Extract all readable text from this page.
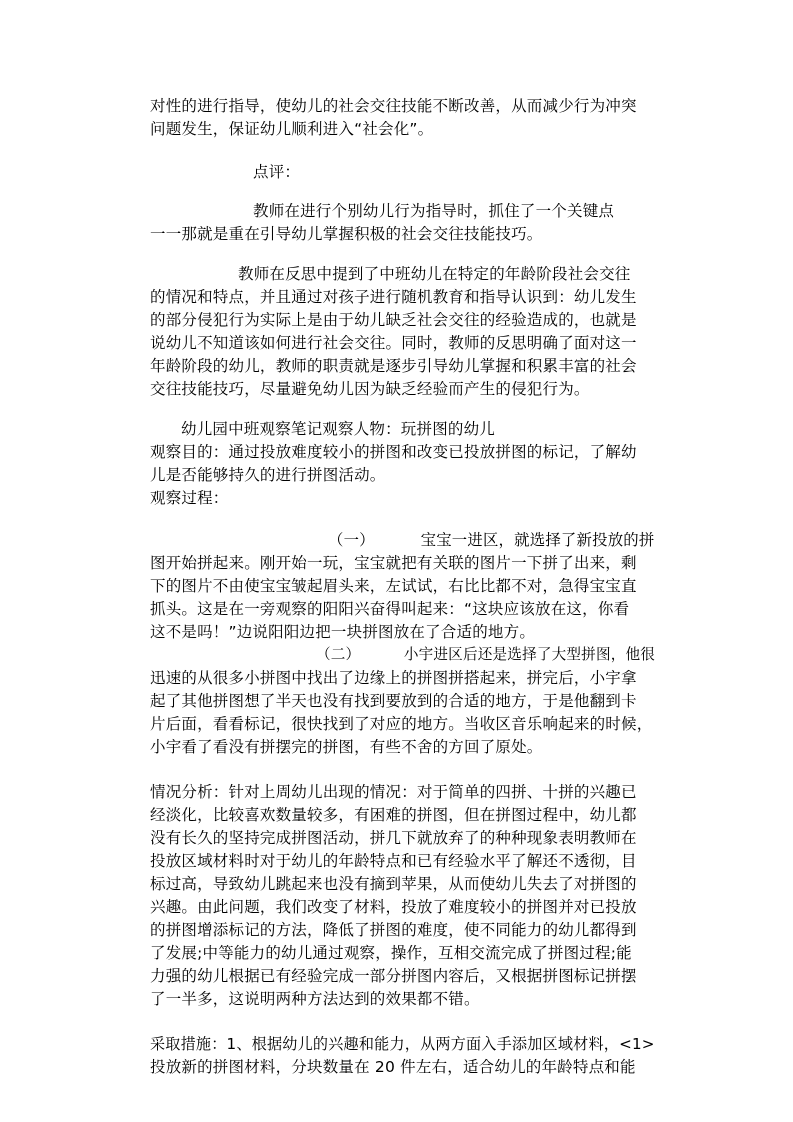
对性的进行指导，使幼儿的社会交往技能不断改善，从而减少行为冲突
问题发生，保证幼儿顺利进入“社会化”。
点评：
教师在进行个别幼儿行为指导时，抓住了一个关键点
一一那就是重在引导幼儿掌握积极的社会交往技能技巧。
教师在反思中提到了中班幼儿在特定的年龄阶段社会交往
的情况和特点，并且通过对孩子进行随机教育和指导认识到：幼儿发生
的部分侵犯行为实际上是由于幼儿缺乏社会交往的经验造成的，也就是
说幼儿不知道该如何进行社会交往。同时，教师的反思明确了面对这一
年龄阶段的幼儿，教师的职责就是逐步引导幼儿掌握和积累丰富的社会
交往技能技巧，尽量避免幼儿因为缺乏经验而产生的侵犯行为。
幼儿园中班观察笔记观察人物：玩拼图的幼儿
观察目的：通过投放难度较小的拼图和改变已投放拼图的标记，了解幼
儿是否能够持久的进行拼图活动。
观察过程：
（一）         宝宝一进区，就选择了新投放的拼
图开始拼起来。刚开始一玩，宝宝就把有关联的图片一下拼了出来，剩
下的图片不由使宝宝皱起眉头来，左试试，右比比都不对，急得宝宝直
抓头。这是在一旁观察的阳阳兴奋得叫起来：“这块应该放在这，你看
这不是吗！”边说阳阳边把一块拼图放在了合适的地方。
（二）         小宇进区后还是选择了大型拼图，他很
迅速的从很多小拼图中找出了边缘上的拼图拼搭起来，拼完后，小宇拿
起了其他拼图想了半天也没有找到要放到的合适的地方，于是他翻到卡
片后面，看看标记，很快找到了对应的地方。当收区音乐响起来的时候，
小宇看了看没有拼摆完的拼图，有些不舍的方回了原处。
情况分析：针对上周幼儿出现的情况：对于简单的四拼、十拼的兴趣已
经淡化，比较喜欢数量较多，有困难的拼图，但在拼图过程中，幼儿都
没有长久的坚持完成拼图活动，拼几下就放弃了的种种现象表明教师在
投放区域材料时对于幼儿的年龄特点和已有经验水平了解还不透彻，目
标过高，导致幼儿跳起来也没有摘到苹果，从而使幼儿失去了对拼图的
兴趣。由此问题，我们改变了材料，投放了难度较小的拼图并对已投放
的拼图增添标记的方法，降低了拼图的难度，使不同能力的幼儿都得到
了发展;中等能力的幼儿通过观察，操作，互相交流完成了拼图过程;能
力强的幼儿根据已有经验完成一部分拼图内容后，又根据拼图标记拼摆
了一半多，这说明两种方法达到的效果都不错。
采取措施：1、根据幼儿的兴趣和能力，从两方面入手添加区域材料，<1>
投放新的拼图材料，分块数量在 20 件左右，适合幼儿的年龄特点和能
